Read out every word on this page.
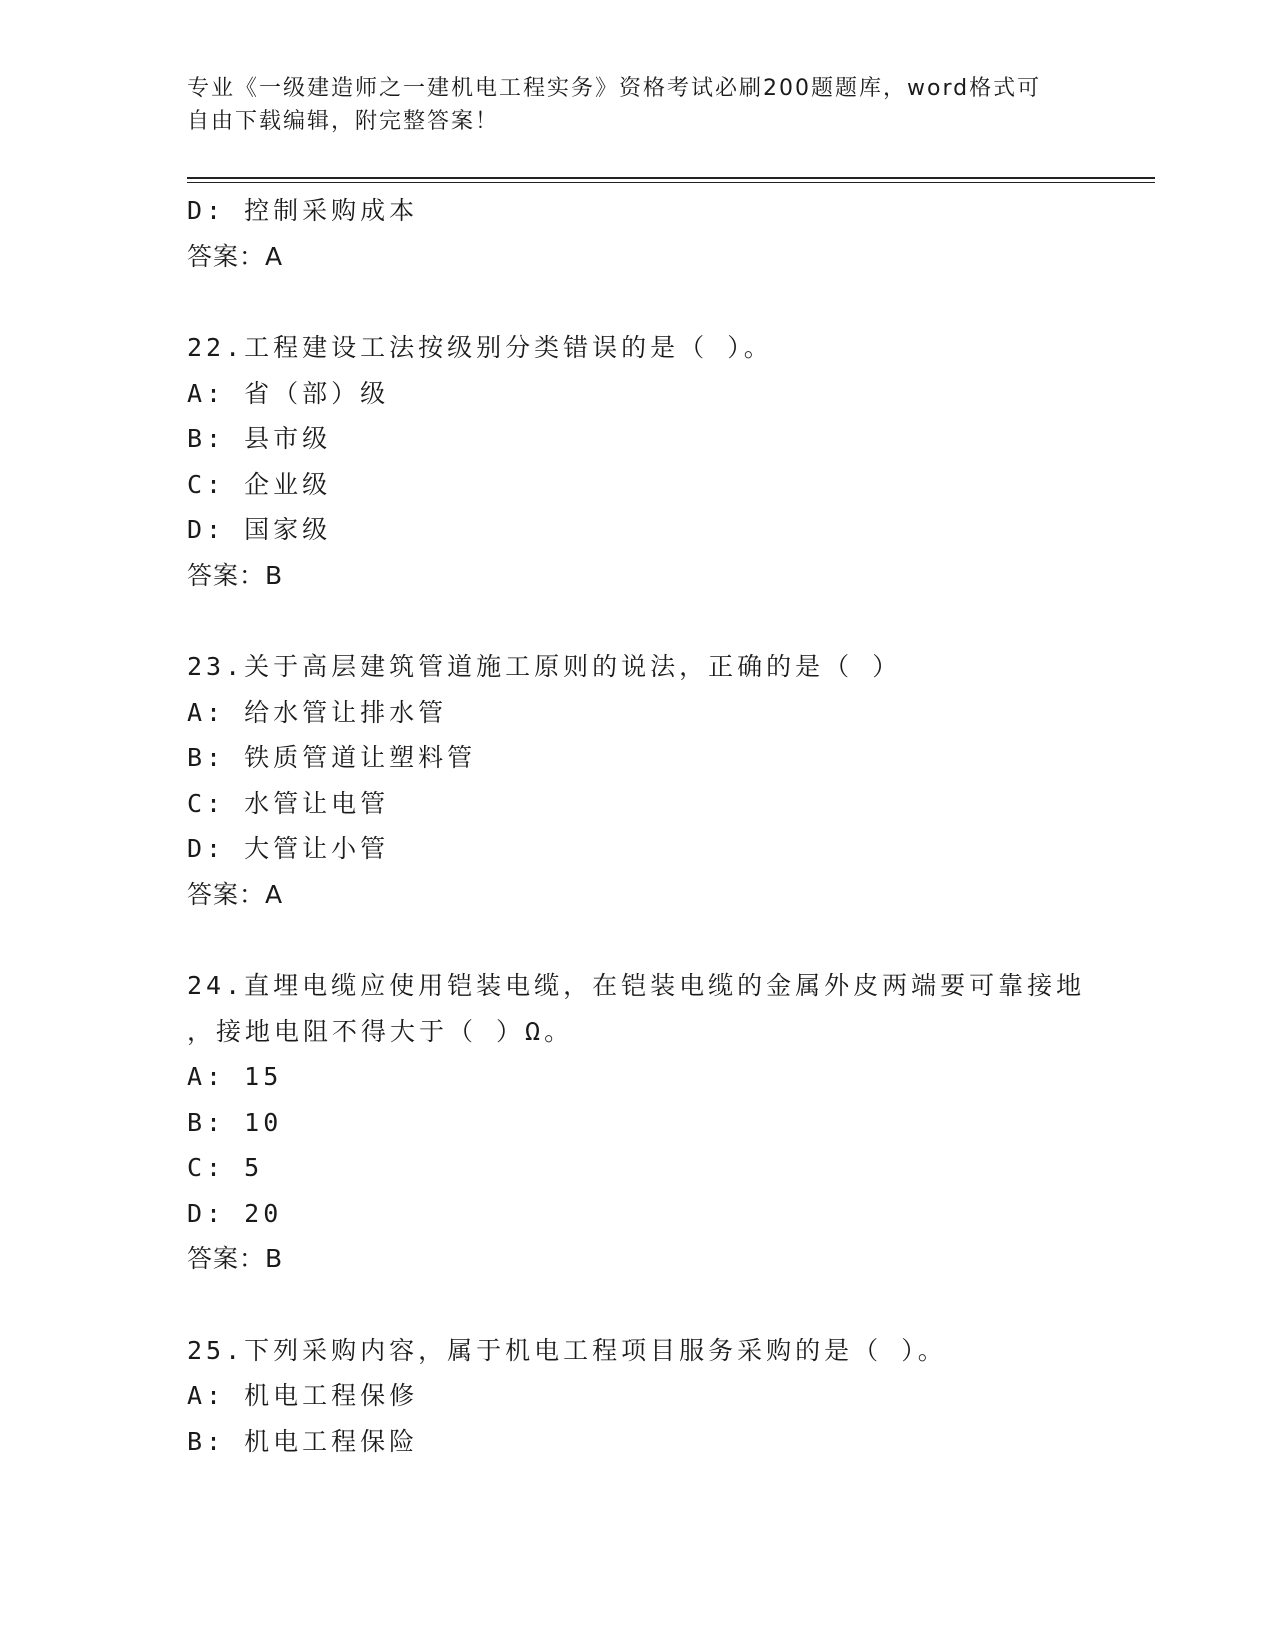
专业《一级建造师之一建机电工程实务》资格考试必刷200题题库，word格式可
自由下载编辑，附完整答案！
D: 控制采购成本
答案：A
22.工程建设工法按级别分类错误的是（ ）。
A: 省（部）级
B: 县市级
C: 企业级
D: 国家级
答案：B
23.关于高层建筑管道施工原则的说法，正确的是（ ）
A: 给水管让排水管
B: 铁质管道让塑料管
C: 水管让电管
D: 大管让小管
答案：A
24.直埋电缆应使用铠装电缆，在铠装电缆的金属外皮两端要可靠接地
，接地电阻不得大于（ ）Ω。
A: 15
B: 10
C: 5
D: 20
答案：B
25.下列采购内容，属于机电工程项目服务采购的是（ ）。
A: 机电工程保修
B: 机电工程保险
